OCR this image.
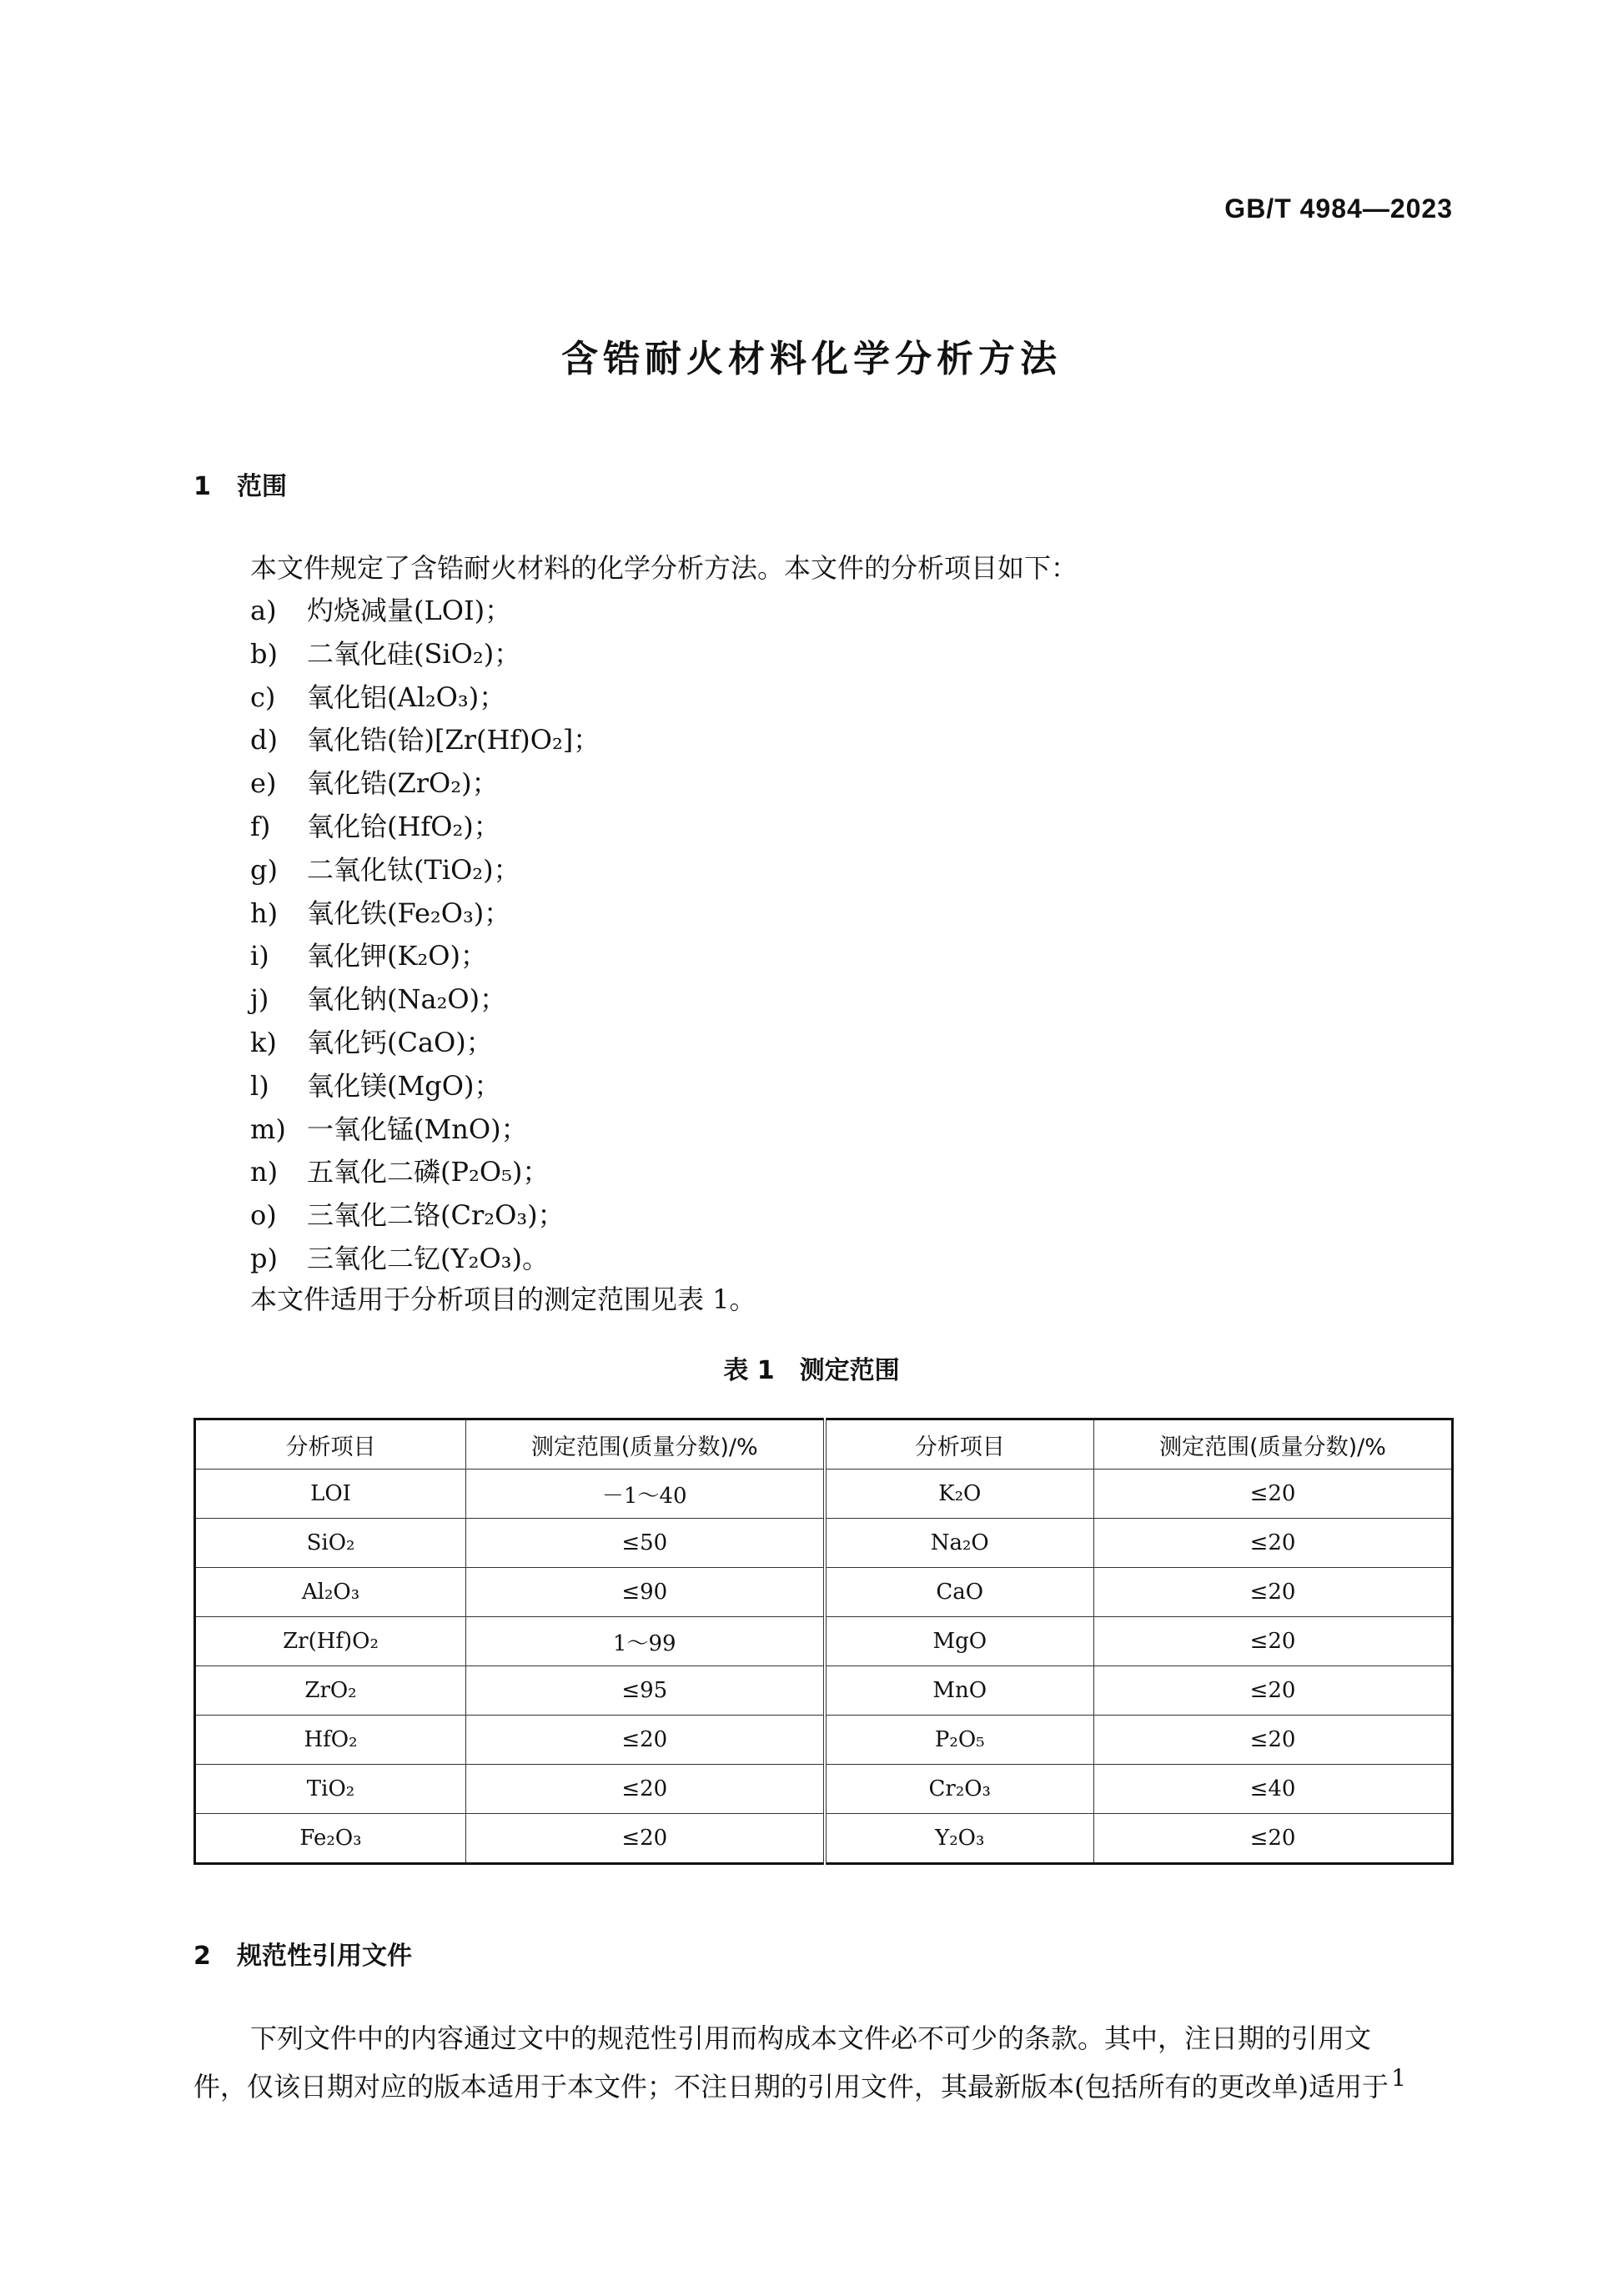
GB/T 4984—2023
含锆耐火材料化学分析方法
1 范围
本文件规定了含锆耐火材料的化学分析方法。本文件的分析项目如下：
a) 灼烧减量(LOI)；
b) 二氧化硅(SiO₂)；
c) 氧化铝(Al₂O₃)；
d) 氧化锆(铪)[Zr(Hf)O₂]；
e) 氧化锆(ZrO₂)；
f) 氧化铪(HfO₂)；
g) 二氧化钛(TiO₂)；
h) 氧化铁(Fe₂O₃)；
i) 氧化钾(K₂O)；
j) 氧化钠(Na₂O)；
k) 氧化钙(CaO)；
l) 氧化镁(MgO)；
m) 一氧化锰(MnO)；
n) 五氧化二磷(P₂O₅)；
o) 三氧化二铬(Cr₂O₃)；
p) 三氧化二钇(Y₂O₃)。
本文件适用于分析项目的测定范围见表 1。
表 1 测定范围
分析项目	测定范围(质量分数)/%	分析项目	测定范围(质量分数)/%
LOI	－1～40	K₂O	≤20
SiO₂	≤50	Na₂O	≤20
Al₂O₃	≤90	CaO	≤20
Zr(Hf)O₂	1～99	MgO	≤20
ZrO₂	≤95	MnO	≤20
HfO₂	≤20	P₂O₅	≤20
TiO₂	≤20	Cr₂O₃	≤40
Fe₂O₃	≤20	Y₂O₃	≤20
2 规范性引用文件
下列文件中的内容通过文中的规范性引用而构成本文件必不可少的条款。其中，注日期的引用文
件，仅该日期对应的版本适用于本文件；不注日期的引用文件，其最新版本(包括所有的更改单)适用于 1
